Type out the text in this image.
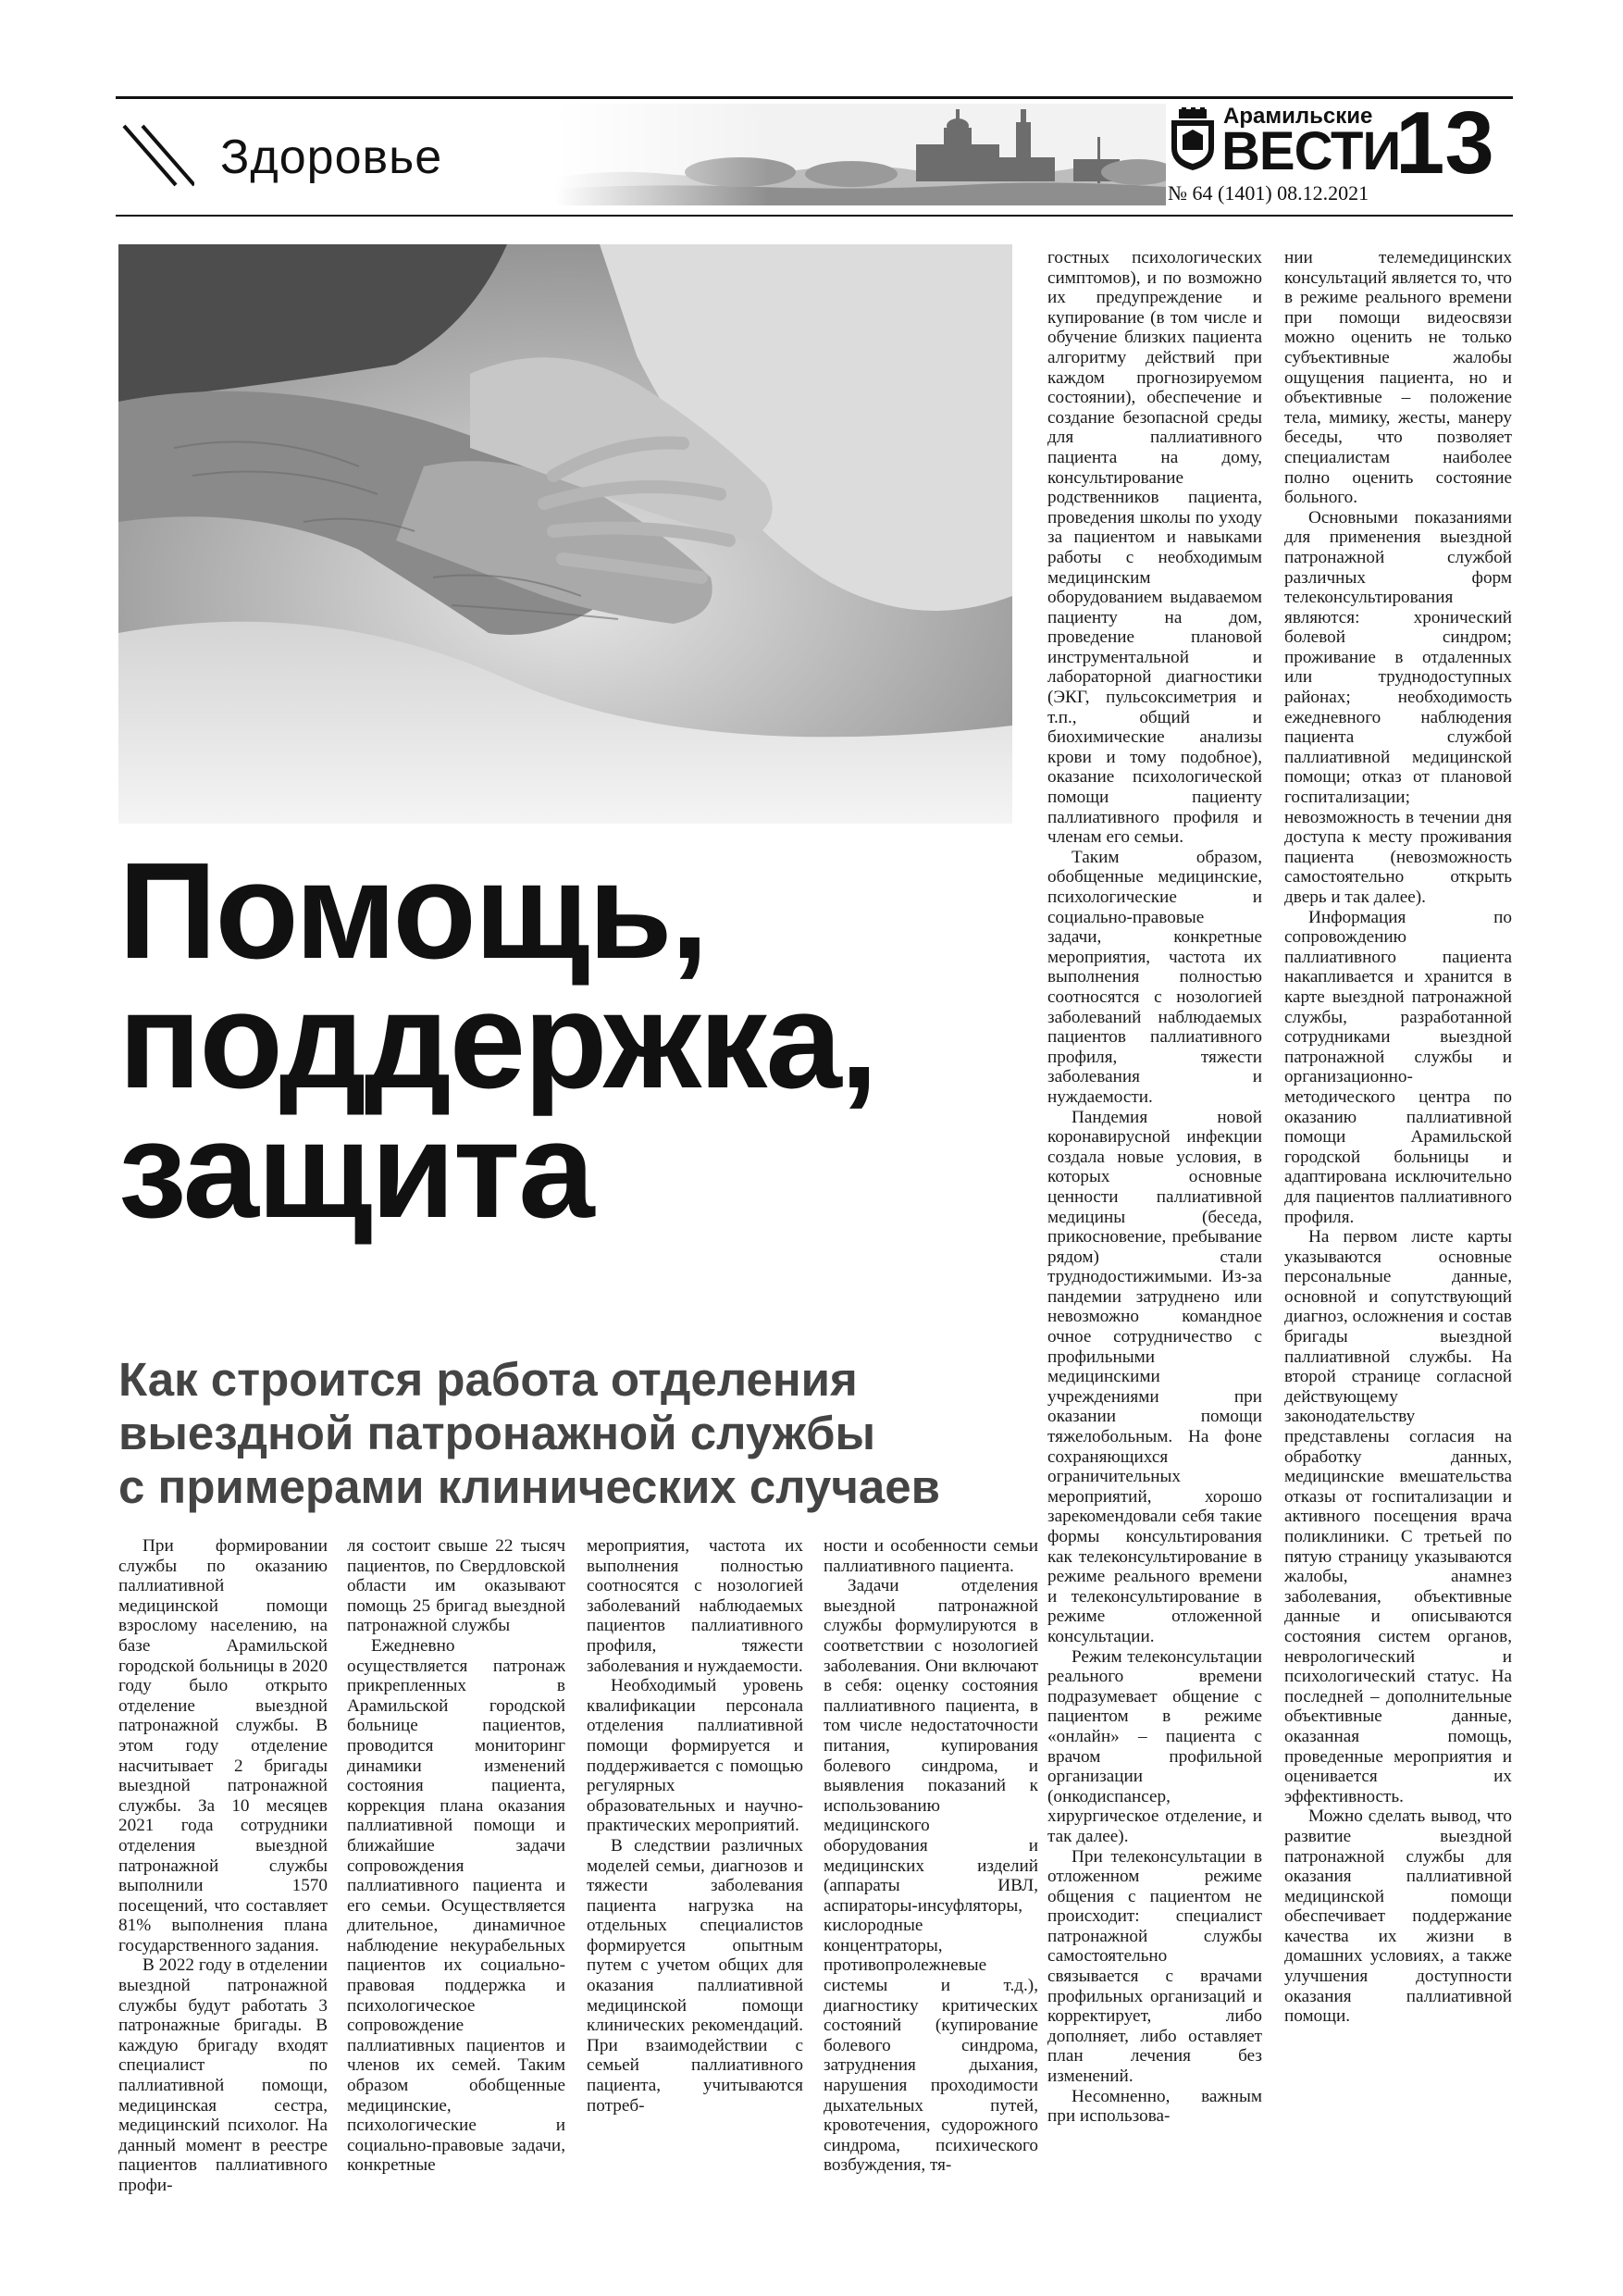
Здоровье
Арамильские
ВЕСТИ
№ 64 (1401) 08.12.2021
13
Помощь,
поддержка,
защита
Как строится работа отделения
выездной патронажной службы
с примерами клинических случаев

При формировании службы по оказанию паллиативной медицинской помощи взрослому населению, на базе Арамильской городской больницы в 2020 году было открыто отделение выездной патронажной службы. В этом году отделение насчитывает 2 бригады выездной патронажной службы. За 10 месяцев 2021 года сотрудники отделения выездной патронажной службы выполнили 1570 посещений, что составляет 81% выполнения плана государственного задания.

В 2022 году в отделении выездной патронажной службы будут работать 3 патронажные бригады. В каждую бригаду входят специалист по паллиативной помощи, медицинская сестра, медицинский психолог. На данный момент в реестре пациентов паллиативного профи-

ля состоит свыше 22 тысяч пациентов, по Свердловской области им оказывают помощь 25 бригад выездной патронажной службы

Ежедневно осуществляется патронаж прикрепленных в Арамильской городской больнице пациентов, проводится мониторинг динамики изменений состояния пациента, коррекция плана оказания паллиативной помощи и ближайшие задачи сопровождения паллиативного пациента и его семьи. Осуществляется длительное, динамичное наблюдение некурабельных пациентов их социально-правовая поддержка и психологическое сопровождение паллиативных пациентов и членов их семей. Таким образом обобщенные медицинские, психологические и социально-правовые задачи, конкретные

мероприятия, частота их выполнения полностью соотносятся с нозологией заболеваний наблюдаемых пациентов паллиативного профиля, тяжести заболевания и нуждаемости.

Необходимый уровень квалификации персонала отделения паллиативной помощи формируется и поддерживается с помощью регулярных образовательных и научно-практических мероприятий.

В следствии различных моделей семьи, диагнозов и тяжести заболевания пациента нагрузка на отдельных специалистов формируется опытным путем с учетом общих для оказания паллиативной медицинской помощи клинических рекомендаций. При взаимодействии с семьей паллиативного пациента, учитываются потреб-

ности и особенности семьи паллиативного пациента.

Задачи отделения выездной патронажной службы формулируются в соответствии с нозологией заболевания. Они включают в себя: оценку состояния паллиативного пациента, в том числе недостаточности питания, купирования болевого синдрома, и выявления показаний к использованию медицинского оборудования и медицинских изделий (аппараты ИВЛ, аспираторы-инсуфляторы, кислородные концентраторы, противопролежневые системы и т.д.), диагностику критических состояний (купирование болевого синдрома, затруднения дыхания, нарушения проходимости дыхательных путей, кровотечения, судорожного синдрома, психического возбуждения, тя-

гостных психологических симптомов), и по возможно их предупреждение и купирование (в том числе и обучение близких пациента алгоритму действий при каждом прогнозируемом состоянии), обеспечение и создание безопасной среды для паллиативного пациента на дому, консультирование родственников пациента, проведения школы по уходу за пациентом и навыками работы с необходимым медицинским оборудованием выдаваемом пациенту на дом, проведение плановой инструментальной и лабораторной диагностики (ЭКГ, пульсоксиметрия и т.п., общий и биохимические анализы крови и тому подобное), оказание психологической помощи пациенту паллиативного профиля и членам его семьи.

Таким образом, обобщенные медицинские, психологические и социально-правовые задачи, конкретные мероприятия, частота их выполнения полностью соотносятся с нозологией заболеваний наблюдаемых пациентов паллиативного профиля, тяжести заболевания и нуждаемости.

Пандемия новой коронавирусной инфекции создала новые условия, в которых основные ценности паллиативной медицины (беседа, прикосновение, пребывание рядом) стали труднодостижимыми. Из-за пандемии затруднено или невозможно командное очное сотрудничество с профильными медицинскими учреждениями при оказании помощи тяжелобольным. На фоне сохраняющихся ограничительных мероприятий, хорошо зарекомендовали себя такие формы консультирования как телеконсультирование в режиме реального времени и телеконсультирование в режиме отложенной консультации.

Режим телеконсультации реального времени подразумевает общение с пациентом в режиме «онлайн» – пациента с врачом профильной организации (онкодиспансер, хирургическое отделение, и так далее).

При телеконсультации в отложенном режиме общения с пациентом не происходит: специалист патронажной службы самостоятельно связывается с врачами профильных организаций и корректирует, либо дополняет, либо оставляет план лечения без изменений.

Несомненно, важным при использова-

нии телемедицинских консультаций является то, что в режиме реального времени при помощи видеосвязи можно оценить не только субъективные жалобы ощущения пациента, но и объективные – положение тела, мимику, жесты, манеру беседы, что позволяет специалистам наиболее полно оценить состояние больного.

Основными показаниями для применения выездной патронажной службой различных форм телеконсультирования являются: хронический болевой синдром; проживание в отдаленных или труднодоступных районах; необходимость ежедневного наблюдения пациента службой паллиативной медицинской помощи; отказ от плановой госпитализации; невозможность в течении дня доступа к месту проживания пациента (невозможность самостоятельно открыть дверь и так далее).

Информация по сопровождению паллиативного пациента накапливается и хранится в карте выездной патронажной службы, разработанной сотрудниками выездной патронажной службы и организационно-методического центра по оказанию паллиативной помощи Арамильской городской больницы и адаптирована исключительно для пациентов паллиативного профиля.

На первом листе карты указываются основные персональные данные, основной и сопутствующий диагноз, осложнения и состав бригады выездной паллиативной службы. На второй странице согласной действующему законодательству представлены согласия на обработку данных, медицинские вмешательства отказы от госпитализации и активного посещения врача поликлиники. С третьей по пятую страницу указываются жалобы, анамнез заболевания, объективные данные и описываются состояния систем органов, неврологический и психологический статус. На последней – дополнительные объективные данные, оказанная помощь, проведенные мероприятия и оценивается их эффективность.

Можно сделать вывод, что развитие выездной патронажной службы для оказания паллиативной медицинской помощи обеспечивает поддержание качества их жизни в домашних условиях, а также улучшения доступности оказания паллиативной помощи.
